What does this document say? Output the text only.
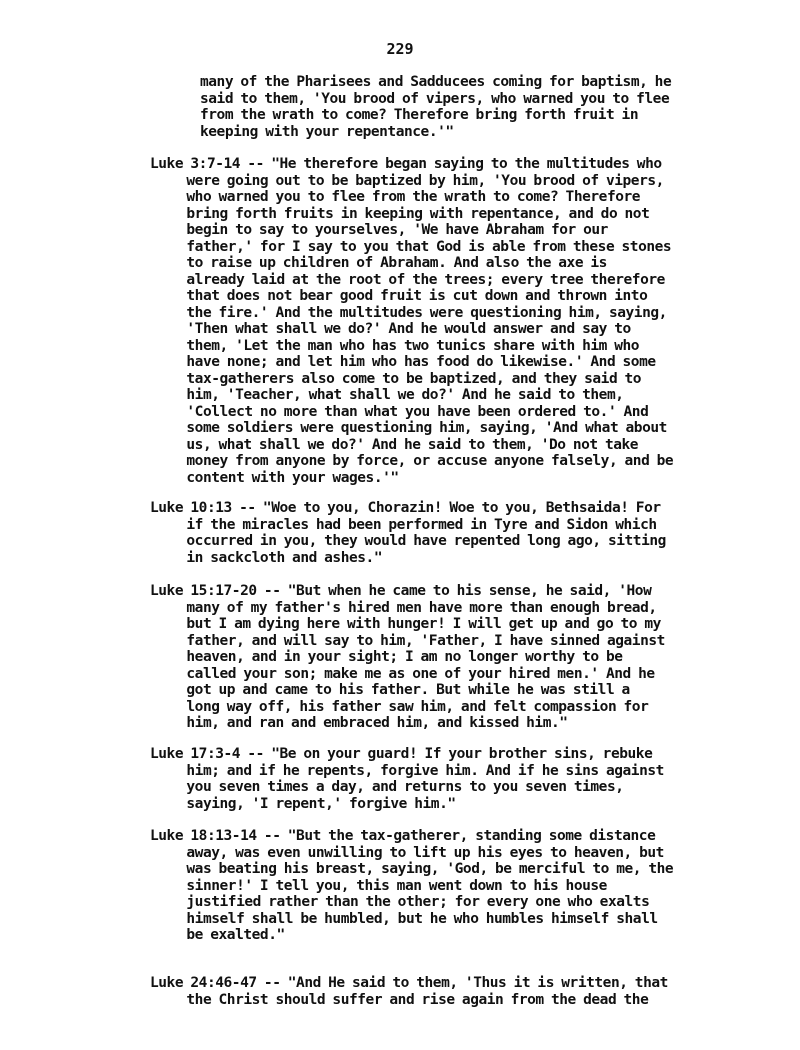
229
many of the Pharisees and Sadducees coming for baptism, he
said to them, 'You brood of vipers, who warned you to flee
from the wrath to come? Therefore bring forth fruit in
keeping with your repentance.'"
Luke 3:7-14 -- "He therefore began saying to the multitudes who
were going out to be baptized by him, 'You brood of vipers,
who warned you to flee from the wrath to come? Therefore
bring forth fruits in keeping with repentance, and do not
begin to say to yourselves, 'We have Abraham for our
father,' for I say to you that God is able from these stones
to raise up children of Abraham. And also the axe is
already laid at the root of the trees; every tree therefore
that does not bear good fruit is cut down and thrown into
the fire.' And the multitudes were questioning him, saying,
'Then what shall we do?' And he would answer and say to
them, 'Let the man who has two tunics share with him who
have none; and let him who has food do likewise.' And some
tax-gatherers also come to be baptized, and they said to
him, 'Teacher, what shall we do?' And he said to them,
'Collect no more than what you have been ordered to.' And
some soldiers were questioning him, saying, 'And what about
us, what shall we do?' And he said to them, 'Do not take
money from anyone by force, or accuse anyone falsely, and be
content with your wages.'"
Luke 10:13 -- "Woe to you, Chorazin! Woe to you, Bethsaida! For
if the miracles had been performed in Tyre and Sidon which
occurred in you, they would have repented long ago, sitting
in sackcloth and ashes."
Luke 15:17-20 -- "But when he came to his sense, he said, 'How
many of my father's hired men have more than enough bread,
but I am dying here with hunger! I will get up and go to my
father, and will say to him, 'Father, I have sinned against
heaven, and in your sight; I am no longer worthy to be
called your son; make me as one of your hired men.' And he
got up and came to his father. But while he was still a
long way off, his father saw him, and felt compassion for
him, and ran and embraced him, and kissed him."
Luke 17:3-4 -- "Be on your guard! If your brother sins, rebuke
him; and if he repents, forgive him. And if he sins against
you seven times a day, and returns to you seven times,
saying, 'I repent,' forgive him."
Luke 18:13-14 -- "But the tax-gatherer, standing some distance
away, was even unwilling to lift up his eyes to heaven, but
was beating his breast, saying, 'God, be merciful to me, the
sinner!' I tell you, this man went down to his house
justified rather than the other; for every one who exalts
himself shall be humbled, but he who humbles himself shall
be exalted."
Luke 24:46-47 -- "And He said to them, 'Thus it is written, that
the Christ should suffer and rise again from the dead the
